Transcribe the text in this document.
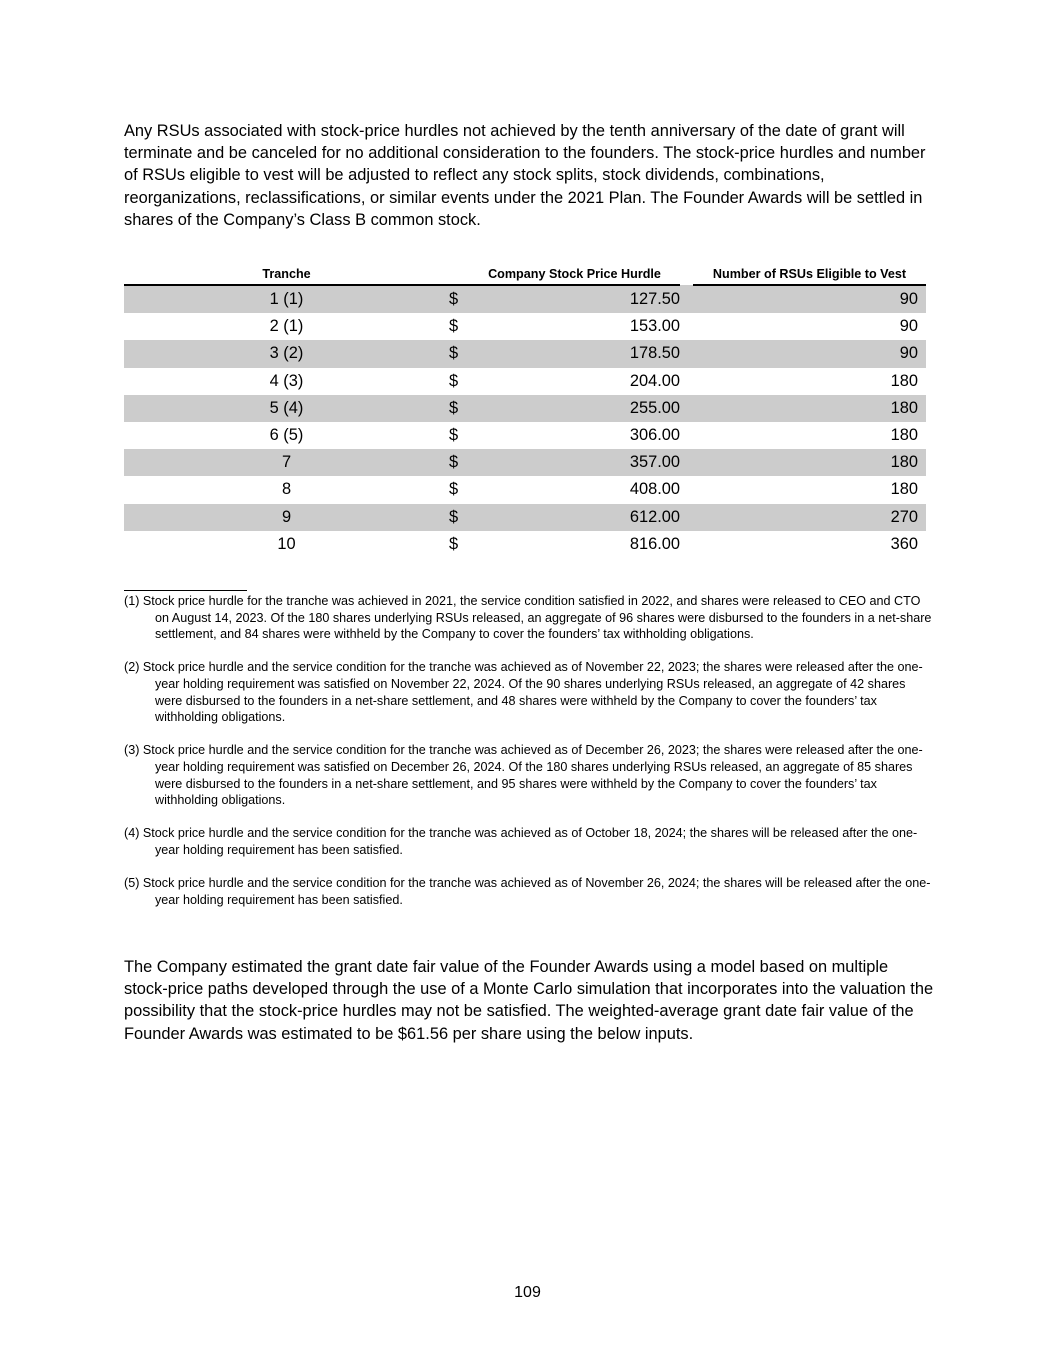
Any RSUs associated with stock-price hurdles not achieved by the tenth anniversary of the date of grant will terminate and be canceled for no additional consideration to the founders. The stock-price hurdles and number of RSUs eligible to vest will be adjusted to reflect any stock splits, stock dividends, combinations, reorganizations, reclassifications, or similar events under the 2021 Plan. The Founder Awards will be settled in shares of the Company’s Class B common stock.

Tranche		Company Stock Price Hurdle		Number of RSUs Eligible to Vest
1 (1)	$	127.50		90
2 (1)	$	153.00		90
3 (2)	$	178.50		90
4 (3)	$	204.00		180
5 (4)	$	255.00		180
6 (5)	$	306.00		180
7	$	357.00		180
8	$	408.00		180
9	$	612.00		270
10	$	816.00		360

(1) Stock price hurdle for the tranche was achieved in 2021, the service condition satisfied in 2022, and shares were released to CEO and CTO on August 14, 2023. Of the 180 shares underlying RSUs released, an aggregate of 96 shares were disbursed to the founders in a net-share settlement, and 84 shares were withheld by the Company to cover the founders’ tax withholding obligations.

(2) Stock price hurdle and the service condition for the tranche was achieved as of November 22, 2023; the shares were released after the one-year holding requirement was satisfied on November 22, 2024. Of the 90 shares underlying RSUs released, an aggregate of 42 shares were disbursed to the founders in a net-share settlement, and 48 shares were withheld by the Company to cover the founders’ tax withholding obligations.

(3) Stock price hurdle and the service condition for the tranche was achieved as of December 26, 2023; the shares were released after the one-year holding requirement was satisfied on December 26, 2024. Of the 180 shares underlying RSUs released, an aggregate of 85 shares were disbursed to the founders in a net-share settlement, and 95 shares were withheld by the Company to cover the founders’ tax withholding obligations.

(4) Stock price hurdle and the service condition for the tranche was achieved as of October 18, 2024; the shares will be released after the one-year holding requirement has been satisfied.

(5) Stock price hurdle and the service condition for the tranche was achieved as of November 26, 2024; the shares will be released after the one-year holding requirement has been satisfied.

The Company estimated the grant date fair value of the Founder Awards using a model based on multiple stock-price paths developed through the use of a Monte Carlo simulation that incorporates into the valuation the possibility that the stock-price hurdles may not be satisfied. The weighted-average grant date fair value of the Founder Awards was estimated to be $61.56 per share using the below inputs.

109
